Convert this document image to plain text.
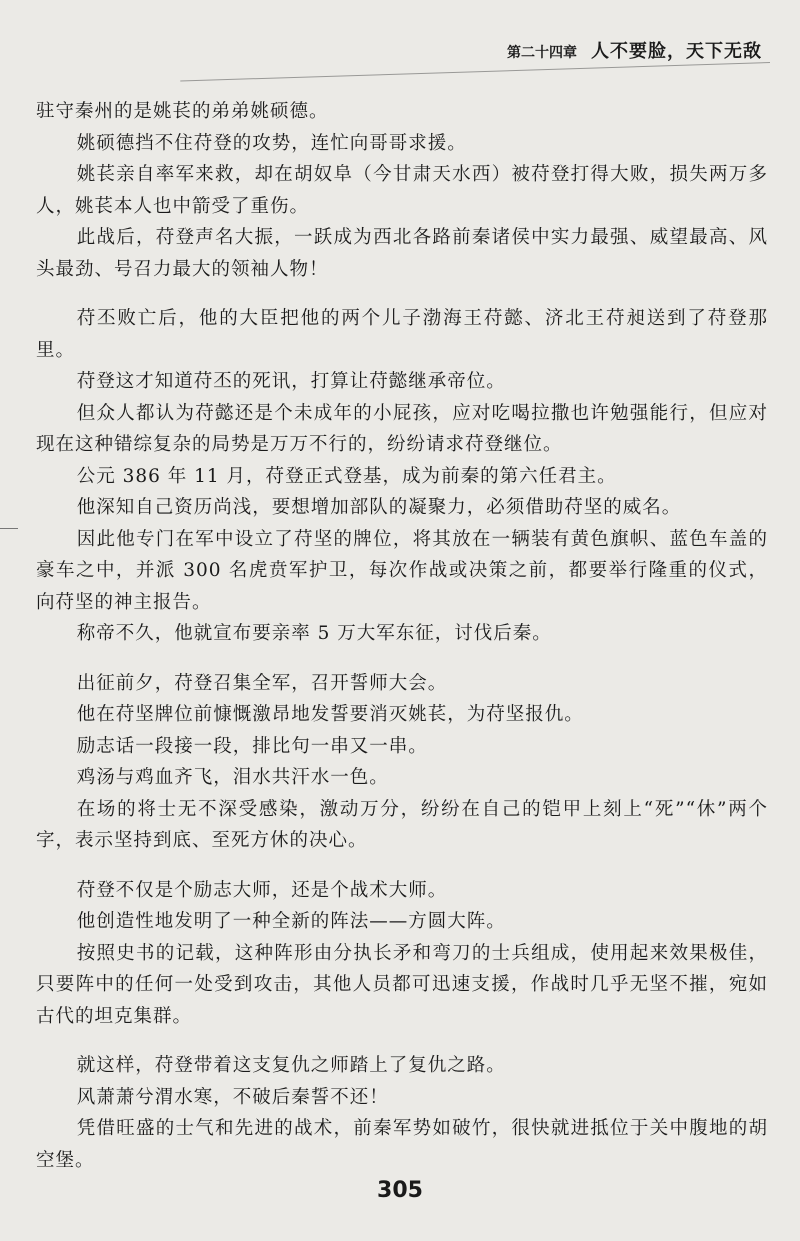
第二十四章 人不要脸，天下无敌

驻守秦州的是姚苌的弟弟姚硕德。

姚硕德挡不住苻登的攻势，连忙向哥哥求援。

姚苌亲自率军来救，却在胡奴阜（今甘肃天水西）被苻登打得大败，损失两万多人，姚苌本人也中箭受了重伤。

此战后，苻登声名大振，一跃成为西北各路前秦诸侯中实力最强、威望最高、风头最劲、号召力最大的领袖人物！

苻丕败亡后，他的大臣把他的两个儿子渤海王苻懿、济北王苻昶送到了苻登那里。

苻登这才知道苻丕的死讯，打算让苻懿继承帝位。

但众人都认为苻懿还是个未成年的小屁孩，应对吃喝拉撒也许勉强能行，但应对现在这种错综复杂的局势是万万不行的，纷纷请求苻登继位。

公元 386 年 11 月，苻登正式登基，成为前秦的第六任君主。

他深知自己资历尚浅，要想增加部队的凝聚力，必须借助苻坚的威名。

因此他专门在军中设立了苻坚的牌位，将其放在一辆装有黄色旗帜、蓝色车盖的豪车之中，并派 300 名虎贲军护卫，每次作战或决策之前，都要举行隆重的仪式，向苻坚的神主报告。

称帝不久，他就宣布要亲率 5 万大军东征，讨伐后秦。

出征前夕，苻登召集全军，召开誓师大会。

他在苻坚牌位前慷慨激昂地发誓要消灭姚苌，为苻坚报仇。

励志话一段接一段，排比句一串又一串。

鸡汤与鸡血齐飞，泪水共汗水一色。

在场的将士无不深受感染，激动万分，纷纷在自己的铠甲上刻上“死”“休”两个字，表示坚持到底、至死方休的决心。

苻登不仅是个励志大师，还是个战术大师。

他创造性地发明了一种全新的阵法——方圆大阵。

按照史书的记载，这种阵形由分执长矛和弯刀的士兵组成，使用起来效果极佳，只要阵中的任何一处受到攻击，其他人员都可迅速支援，作战时几乎无坚不摧，宛如古代的坦克集群。

就这样，苻登带着这支复仇之师踏上了复仇之路。

风萧萧兮渭水寒，不破后秦誓不还！

凭借旺盛的士气和先进的战术，前秦军势如破竹，很快就进抵位于关中腹地的胡空堡。

305
